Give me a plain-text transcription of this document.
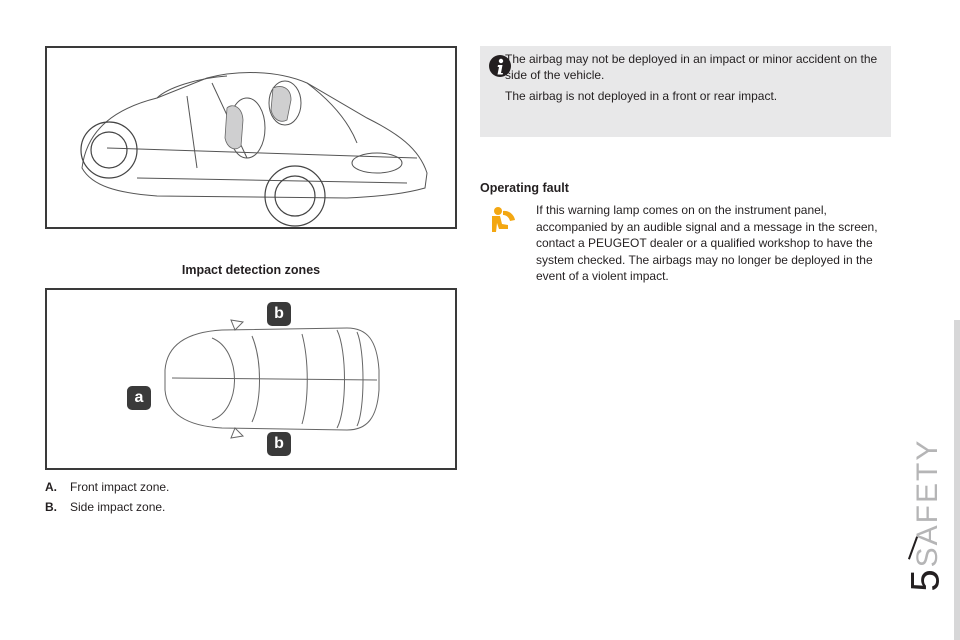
The airbag may not be deployed in an impact or minor accident on the side of the vehicle.

The airbag is not deployed in a front or rear impact.

Operating fault
If this warning lamp comes on on the instrument panel, accompanied by an audible signal and a message in the screen, contact a PEUGEOT dealer or a qualified workshop to have the system checked. The airbags may no longer be deployed in the event of a violent impact.
Impact detection zones
b
a
b
A.	Front impact zone.
B.	Side impact zone.	SAFETY
5
